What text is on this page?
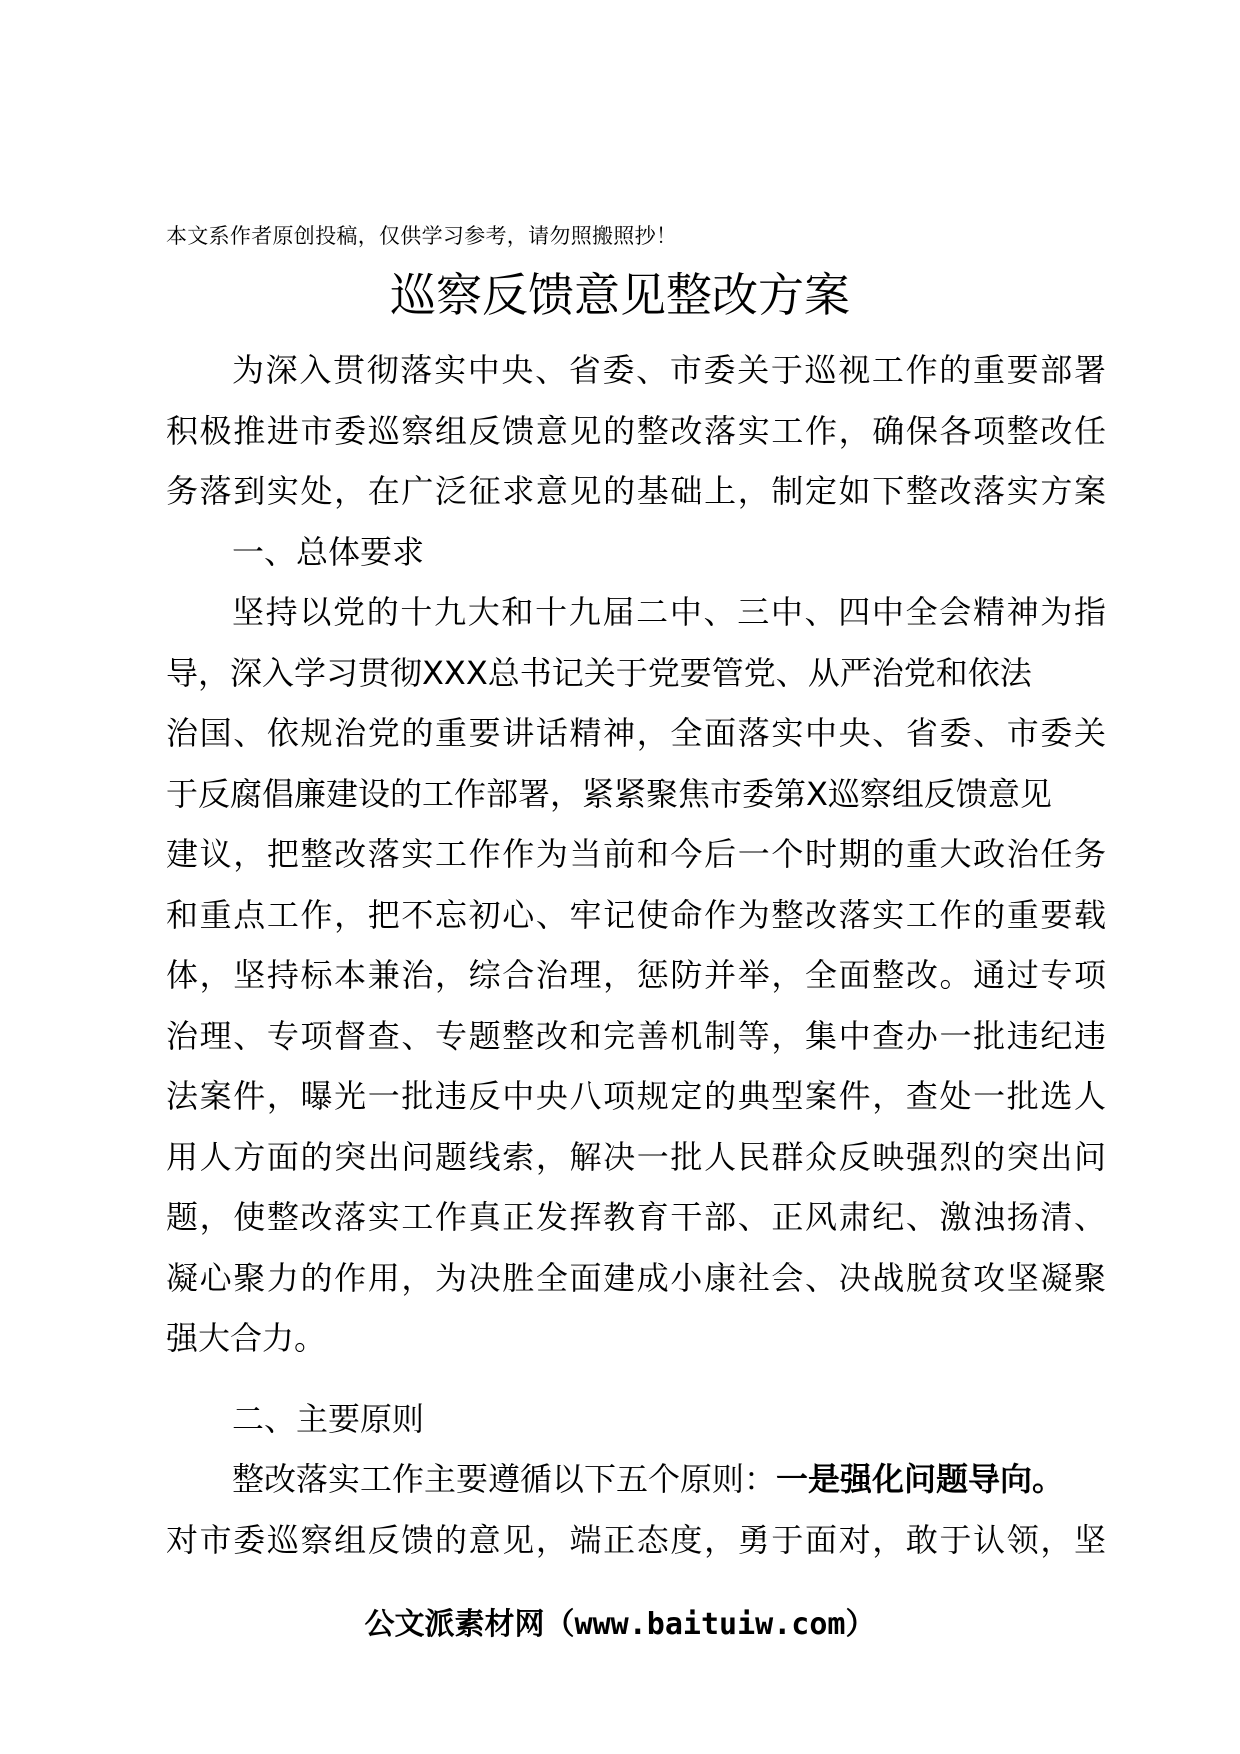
本文系作者原创投稿，仅供学习参考，请勿照搬照抄！
巡察反馈意见整改方案
为深入贯彻落实中央、省委、市委关于巡视工作的重要部署
积极推进市委巡察组反馈意见的整改落实工作，确保各项整改任
务落到实处，在广泛征求意见的基础上，制定如下整改落实方案
一、总体要求
坚持以党的十九大和十九届二中、三中、四中全会精神为指
导，深入学习贯彻XXX总书记关于党要管党、从严治党和依法
治国、依规治党的重要讲话精神，全面落实中央、省委、市委关
于反腐倡廉建设的工作部署，紧紧聚焦市委第X巡察组反馈意见
建议，把整改落实工作作为当前和今后一个时期的重大政治任务
和重点工作，把不忘初心、牢记使命作为整改落实工作的重要载
体，坚持标本兼治，综合治理，惩防并举，全面整改。通过专项
治理、专项督查、专题整改和完善机制等，集中查办一批违纪违
法案件，曝光一批违反中央八项规定的典型案件，查处一批选人
用人方面的突出问题线索，解决一批人民群众反映强烈的突出问
题，使整改落实工作真正发挥教育干部、正风肃纪、激浊扬清、
凝心聚力的作用，为决胜全面建成小康社会、决战脱贫攻坚凝聚
强大合力。
二、主要原则
整改落实工作主要遵循以下五个原则：一是强化问题导向。
对市委巡察组反馈的意见，端正态度，勇于面对，敢于认领，坚
公文派素材网（www.baituiw.com）
